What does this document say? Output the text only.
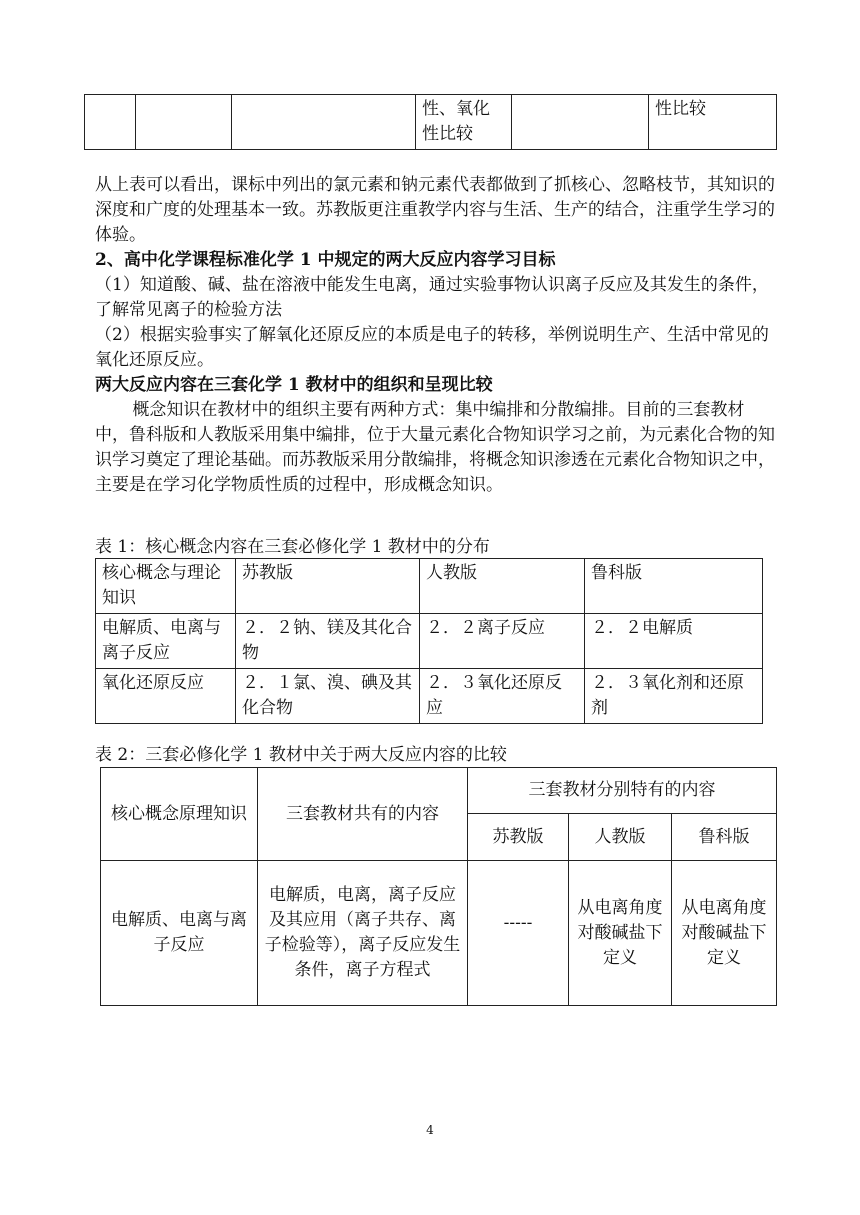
			性、氧化性比较		性比较
从上表可以看出，课标中列出的氯元素和钠元素代表都做到了抓核心、忽略枝节，其知识的深度和广度的处理基本一致。苏教版更注重教学内容与生活、生产的结合，注重学生学习的体验。
2、高中化学课程标准化学 1 中规定的两大反应内容学习目标
（1）知道酸、碱、盐在溶液中能发生电离，通过实验事物认识离子反应及其发生的条件，了解常见离子的检验方法
（2）根据实验事实了解氧化还原反应的本质是电子的转移，举例说明生产、生活中常见的氧化还原反应。
两大反应内容在三套化学 1 教材中的组织和呈现比较
概念知识在教材中的组织主要有两种方式：集中编排和分散编排。目前的三套教材中，鲁科版和人教版采用集中编排，位于大量元素化合物知识学习之前，为元素化合物的知识学习奠定了理论基础。而苏教版采用分散编排，将概念知识渗透在元素化合物知识之中，主要是在学习化学物质性质的过程中，形成概念知识。
表 1：核心概念内容在三套必修化学 1 教材中的分布
核心概念与理论知识	苏教版	人教版	鲁科版
电解质、电离与离子反应	２．２钠、镁及其化合物	２．２离子反应	２．２电解质
氧化还原反应	２．１氯、溴、碘及其化合物	２．３氧化还原反应	２．３氧化剂和还原剂
表 2：三套必修化学 1 教材中关于两大反应内容的比较
核心概念原理知识	三套教材共有的内容	三套教材分别特有的内容		
		苏教版	人教版	鲁科版
电解质、电离与离子反应	电解质，电离，离子反应及其应用（离子共存、离子检验等），离子反应发生条件，离子方程式	-----	从电离角度对酸碱盐下定义	从电离角度对酸碱盐下定义
4
